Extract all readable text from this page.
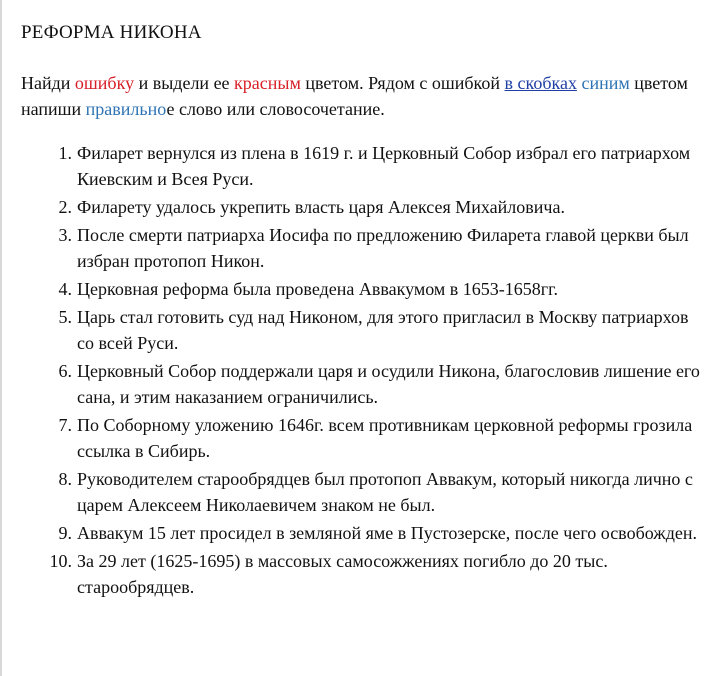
РЕФОРМА НИКОНА
Найди ошибку и выдели ее красным цветом. Рядом с ошибкой в скобках синим цветом напиши правильное слово или словосочетание.
1. Филарет вернулся из плена в 1619 г. и Церковный Собор избрал его патриархом Киевским и Всея Руси.
2. Филарету удалось укрепить власть царя Алексея Михайловича.
3. После смерти патриарха Иосифа по предложению Филарета главой церкви был избран протопоп Никон.
4. Церковная реформа была проведена Аввакумом в 1653-1658гг.
5. Царь стал готовить суд над Никоном, для этого пригласил в Москву патриархов со всей Руси.
6. Церковный Собор поддержали царя и осудили Никона, благословив лишение его сана, и этим наказанием ограничились.
7. По Соборному уложению 1646г. всем противникам церковной реформы грозила ссылка в Сибирь.
8. Руководителем старообрядцев был протопоп Аввакум, который никогда лично с царем Алексеем Николаевичем знаком не был.
9. Аввакум 15 лет просидел в земляной яме в Пустозерске, после чего освобожден.
10. За 29 лет (1625-1695) в массовых самосожжениях погибло до 20 тыс. старообрядцев.
